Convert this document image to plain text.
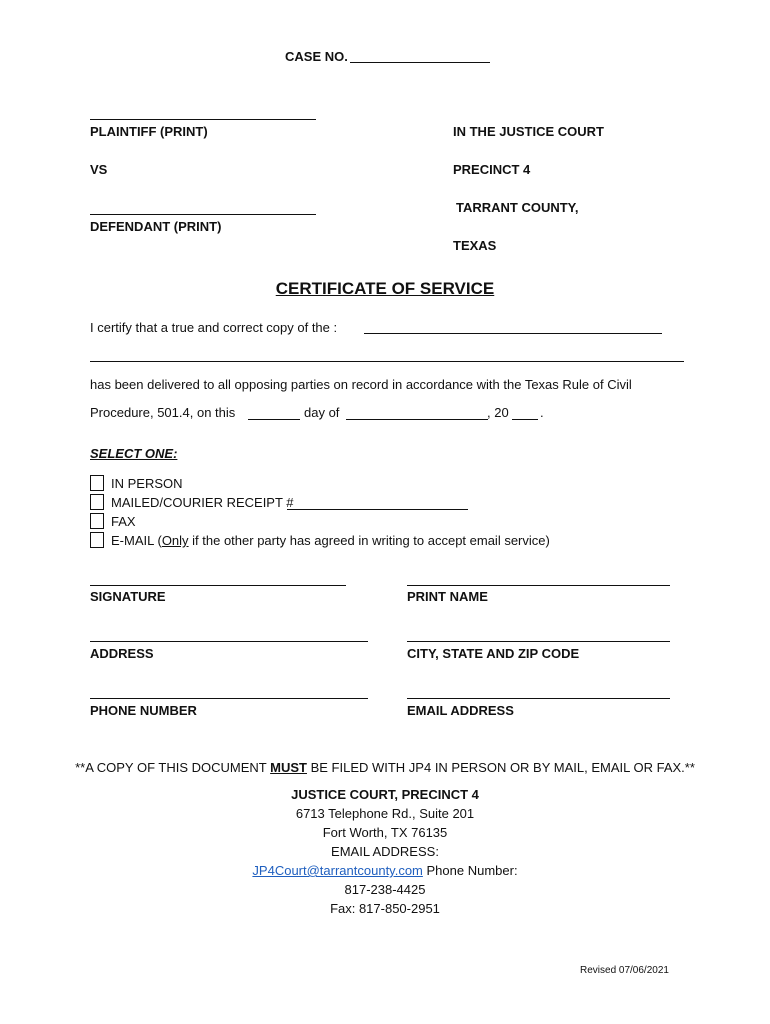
CASE NO.
PLAINTIFF (PRINT)
VS
DEFENDANT (PRINT)
IN THE JUSTICE COURT
PRECINCT 4
TARRANT COUNTY,
TEXAS
CERTIFICATE OF SERVICE
I certify that a true and correct copy of the :
has been delivered to all opposing parties on record in accordance with the Texas Rule of Civil
Procedure, 501.4, on this	day of	, 20 .
SELECT ONE:
IN PERSON
MAILED/COURIER RECEIPT #
FAX
E-MAIL (Only if the other party has agreed in writing to accept email service)
SIGNATURE	PRINT NAME
ADDRESS	CITY, STATE AND ZIP CODE
PHONE NUMBER	EMAIL ADDRESS
**A COPY OF THIS DOCUMENT MUST BE FILED WITH JP4 IN PERSON OR BY MAIL, EMAIL OR FAX.**
JUSTICE COURT, PRECINCT 4
6713 Telephone Rd., Suite 201
Fort Worth, TX 76135
EMAIL ADDRESS:
JP4Court@tarrantcounty.com Phone Number:
817-238-4425
Fax: 817-850-2951
Revised 07/06/2021
